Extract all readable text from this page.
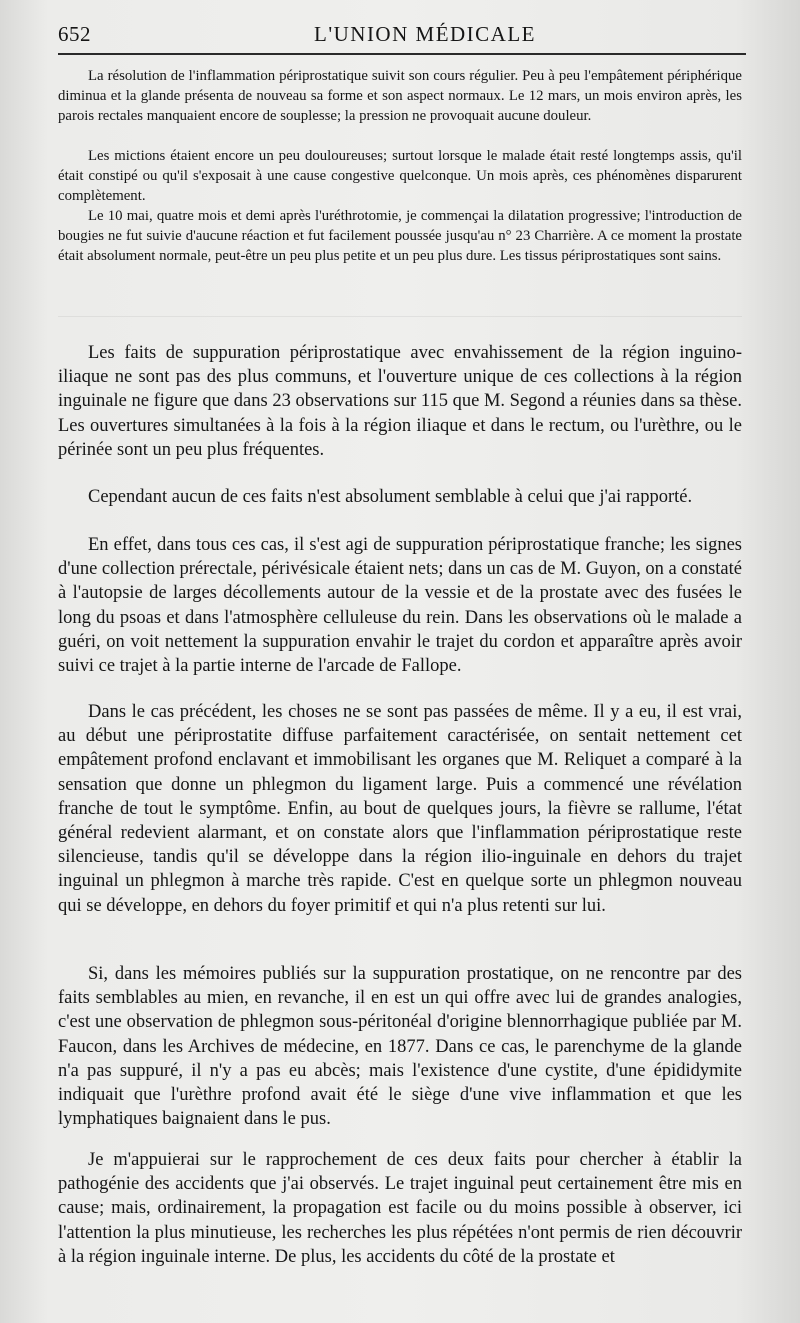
652	L'UNION MÉDICALE

La résolution de l'inflammation périprostatique suivit son cours régulier. Peu à peu l'empâtement périphérique diminua et la glande présenta de nouveau sa forme et son aspect normaux. Le 12 mars, un mois environ après, les parois rectales manquaient encore de souplesse; la pression ne provoquait aucune douleur.

Les mictions étaient encore un peu douloureuses; surtout lorsque le malade était resté longtemps assis, qu'il était constipé ou qu'il s'exposait à une cause congestive quelconque. Un mois après, ces phénomènes disparurent complètement.

Le 10 mai, quatre mois et demi après l'uréthrotomie, je commençai la dilatation progressive; l'introduction de bougies ne fut suivie d'aucune réaction et fut facilement poussée jusqu'au n° 23 Charrière. A ce moment la prostate était absolument normale, peut-être un peu plus petite et un peu plus dure. Les tissus périprostatiques sont sains.

Les faits de suppuration périprostatique avec envahissement de la région inguino-iliaque ne sont pas des plus communs, et l'ouverture unique de ces collections à la région inguinale ne figure que dans 23 observations sur 115 que M. Segond a réunies dans sa thèse. Les ouvertures simultanées à la fois à la région iliaque et dans le rectum, ou l'urèthre, ou le périnée sont un peu plus fréquentes.

Cependant aucun de ces faits n'est absolument semblable à celui que j'ai rapporté.

En effet, dans tous ces cas, il s'est agi de suppuration périprostatique franche; les signes d'une collection prérectale, périvésicale étaient nets; dans un cas de M. Guyon, on a constaté à l'autopsie de larges décollements autour de la vessie et de la prostate avec des fusées le long du psoas et dans l'atmosphère celluleuse du rein. Dans les observations où le malade a guéri, on voit nettement la suppuration envahir le trajet du cordon et apparaître après avoir suivi ce trajet à la partie interne de l'arcade de Fallope.

Dans le cas précédent, les choses ne se sont pas passées de même. Il y a eu, il est vrai, au début une périprostatite diffuse parfaitement caractérisée, on sentait nettement cet empâtement profond enclavant et immobilisant les organes que M. Reliquet a comparé à la sensation que donne un phlegmon du ligament large. Puis a commencé une révélation franche de tout le symptôme. Enfin, au bout de quelques jours, la fièvre se rallume, l'état général redevient alarmant, et on constate alors que l'inflammation périprostatique reste silencieuse, tandis qu'il se développe dans la région ilio-inguinale en dehors du trajet inguinal un phlegmon à marche très rapide. C'est en quelque sorte un phlegmon nouveau qui se développe, en dehors du foyer primitif et qui n'a plus retenti sur lui.

Si, dans les mémoires publiés sur la suppuration prostatique, on ne rencontre par des faits semblables au mien, en revanche, il en est un qui offre avec lui de grandes analogies, c'est une observation de phlegmon sous-péritonéal d'origine blennorrhagique publiée par M. Faucon, dans les Archives de médecine, en 1877. Dans ce cas, le parenchyme de la glande n'a pas suppuré, il n'y a pas eu abcès; mais l'existence d'une cystite, d'une épididymite indiquait que l'urèthre profond avait été le siège d'une vive inflammation et que les lymphatiques baignaient dans le pus.

Je m'appuierai sur le rapprochement de ces deux faits pour chercher à établir la pathogénie des accidents que j'ai observés. Le trajet inguinal peut certainement être mis en cause; mais, ordinairement, la propagation est facile ou du moins possible à observer, ici l'attention la plus minutieuse, les recherches les plus répétées n'ont permis de rien découvrir à la région inguinale interne. De plus, les accidents du côté de la prostate et
